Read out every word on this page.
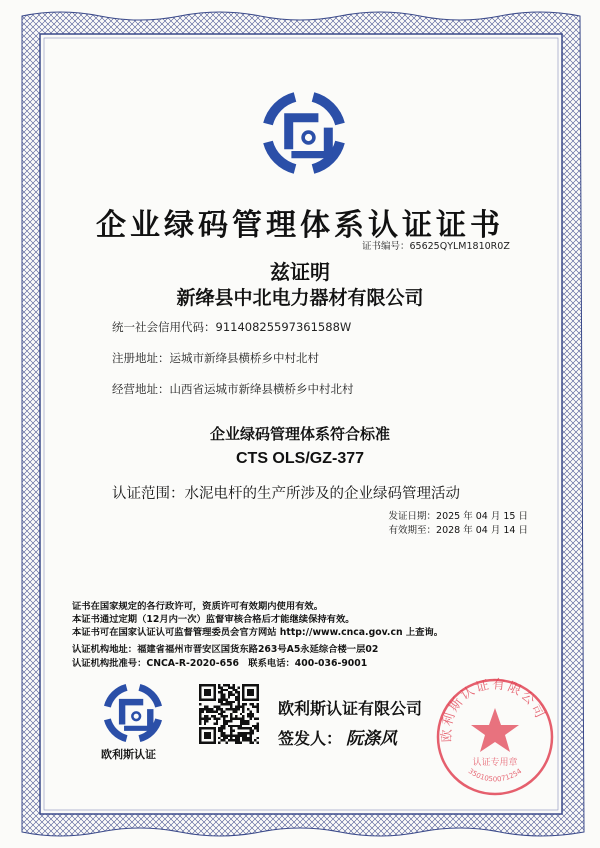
企业绿码管理体系认证证书
证书编号：65625QYLM1810R0Z
兹证明
新绛县中北电力器材有限公司
统一社会信用代码：91140825597361588W
注册地址：运城市新绛县横桥乡中村北村
经营地址：山西省运城市新绛县横桥乡中村北村
企业绿码管理体系符合标准
CTS OLS/GZ-377
认证范围：水泥电杆的生产所涉及的企业绿码管理活动
发证日期：2025 年 04 月 15 日
有效期至：2028 年 04 月 14 日
证书在国家规定的各行政许可，资质许可有效期内使用有效。
本证书通过定期（12月内一次）监督审核合格后才能继续保持有效。
本证书可在国家认证认可监督管理委员会官方网站 http://www.cnca.gov.cn 上查询。
认证机构地址：福建省福州市晋安区国货东路263号A5永延综合楼一层02
认证机构批准号：CNCA-R-2020-656　联系电话：400-036-9001
欧利斯认证
欧利斯认证有限公司
认证专用章
3501050071254
欧利斯认证有限公司
签发人： 阮涤风
